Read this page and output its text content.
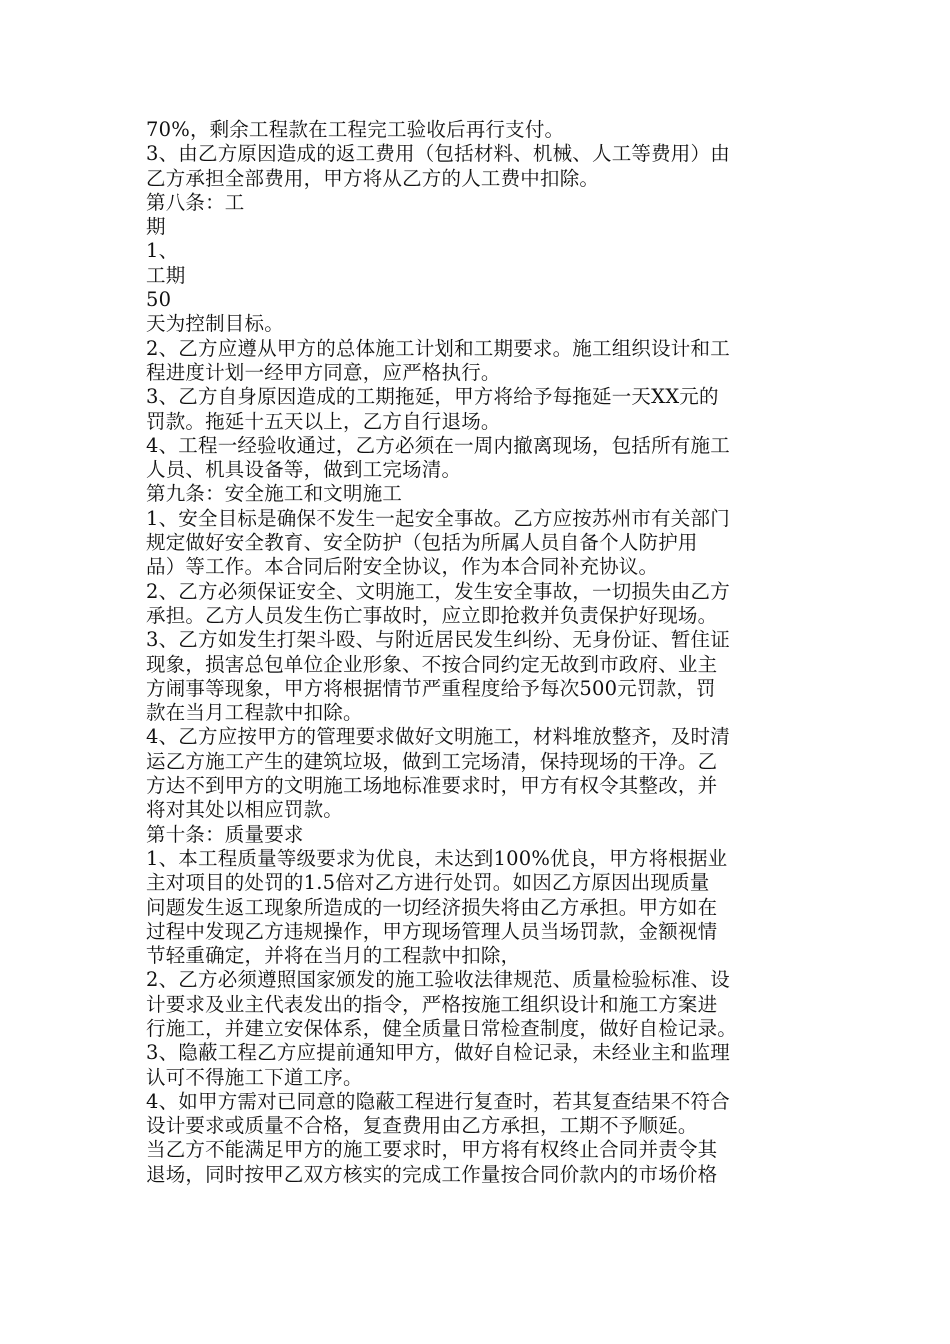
70%，剩余工程款在工程完工验收后再行支付。
3、由乙方原因造成的返工费用（包括材料、机械、人工等费用）由
乙方承担全部费用，甲方将从乙方的人工费中扣除。
第八条：工
期
1、
工期
50
天为控制目标。
2、乙方应遵从甲方的总体施工计划和工期要求。施工组织设计和工
程进度计划一经甲方同意，应严格执行。
3、乙方自身原因造成的工期拖延，甲方将给予每拖延一天XX元的
罚款。拖延十五天以上，乙方自行退场。
4、工程一经验收通过，乙方必须在一周内撤离现场，包括所有施工
人员、机具设备等，做到工完场清。
第九条：安全施工和文明施工
1、安全目标是确保不发生一起安全事故。乙方应按苏州市有关部门
规定做好安全教育、安全防护（包括为所属人员自备个人防护用
品）等工作。本合同后附安全协议，作为本合同补充协议。
2、乙方必须保证安全、文明施工，发生安全事故，一切损失由乙方
承担。乙方人员发生伤亡事故时，应立即抢救并负责保护好现场。
3、乙方如发生打架斗殴、与附近居民发生纠纷、无身份证、暂住证
现象，损害总包单位企业形象、不按合同约定无故到市政府、业主
方闹事等现象，甲方将根据情节严重程度给予每次500元罚款，罚
款在当月工程款中扣除。
4、乙方应按甲方的管理要求做好文明施工，材料堆放整齐，及时清
运乙方施工产生的建筑垃圾，做到工完场清，保持现场的干净。乙
方达不到甲方的文明施工场地标准要求时，甲方有权令其整改，并
将对其处以相应罚款。
第十条：质量要求
1、本工程质量等级要求为优良，未达到100%优良，甲方将根据业
主对项目的处罚的1.5倍对乙方进行处罚。如因乙方原因出现质量
问题发生返工现象所造成的一切经济损失将由乙方承担。甲方如在
过程中发现乙方违规操作，甲方现场管理人员当场罚款，金额视情
节轻重确定，并将在当月的工程款中扣除，
2、乙方必须遵照国家颁发的施工验收法律规范、质量检验标准、设
计要求及业主代表发出的指令，严格按施工组织设计和施工方案进
行施工，并建立安保体系，健全质量日常检查制度，做好自检记录。
3、隐蔽工程乙方应提前通知甲方，做好自检记录，未经业主和监理
认可不得施工下道工序。
4、如甲方需对已同意的隐蔽工程进行复查时，若其复查结果不符合
设计要求或质量不合格，复查费用由乙方承担，工期不予顺延。
当乙方不能满足甲方的施工要求时，甲方将有权终止合同并责令其
退场，同时按甲乙双方核实的完成工作量按合同价款内的市场价格
